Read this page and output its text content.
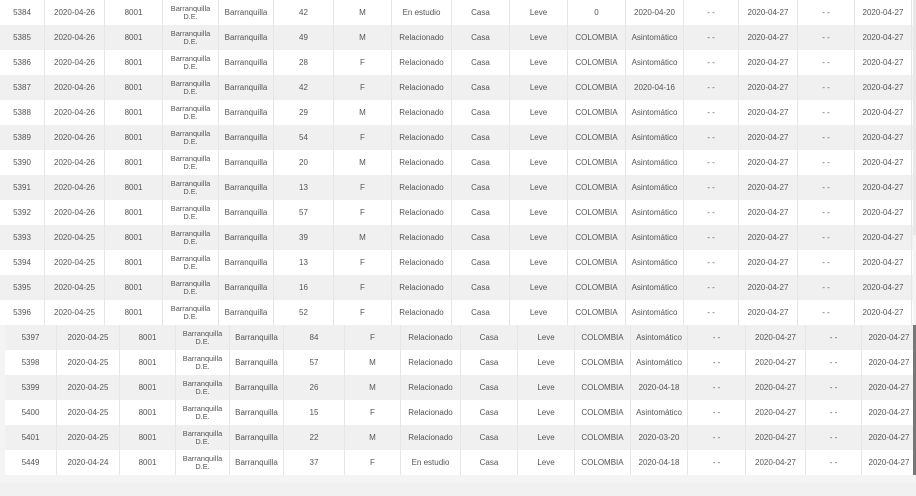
5384	2020-04-26	8001	Barranquilla D.E.	Barranquilla	42	M	En estudio	Casa	Leve	0	2020-04-20	- -	2020-04-27	- -	2020-04-27
5385	2020-04-26	8001	Barranquilla D.E.	Barranquilla	49	M	Relacionado	Casa	Leve	COLOMBIA	Asintomático	- -	2020-04-27	- -	2020-04-27
5386	2020-04-26	8001	Barranquilla D.E.	Barranquilla	28	F	Relacionado	Casa	Leve	COLOMBIA	Asintomático	- -	2020-04-27	- -	2020-04-27
5387	2020-04-26	8001	Barranquilla D.E.	Barranquilla	42	F	Relacionado	Casa	Leve	COLOMBIA	2020-04-16	- -	2020-04-27	- -	2020-04-27
5388	2020-04-26	8001	Barranquilla D.E.	Barranquilla	29	M	Relacionado	Casa	Leve	COLOMBIA	Asintomático	- -	2020-04-27	- -	2020-04-27
5389	2020-04-26	8001	Barranquilla D.E.	Barranquilla	54	F	Relacionado	Casa	Leve	COLOMBIA	Asintomático	- -	2020-04-27	- -	2020-04-27
5390	2020-04-26	8001	Barranquilla D.E.	Barranquilla	20	M	Relacionado	Casa	Leve	COLOMBIA	Asintomático	- -	2020-04-27	- -	2020-04-27
5391	2020-04-26	8001	Barranquilla D.E.	Barranquilla	13	F	Relacionado	Casa	Leve	COLOMBIA	Asintomático	- -	2020-04-27	- -	2020-04-27
5392	2020-04-26	8001	Barranquilla D.E.	Barranquilla	57	F	Relacionado	Casa	Leve	COLOMBIA	Asintomático	- -	2020-04-27	- -	2020-04-27
5393	2020-04-25	8001	Barranquilla D.E.	Barranquilla	39	M	Relacionado	Casa	Leve	COLOMBIA	Asintomático	- -	2020-04-27	- -	2020-04-27
5394	2020-04-25	8001	Barranquilla D.E.	Barranquilla	13	F	Relacionado	Casa	Leve	COLOMBIA	Asintomático	- -	2020-04-27	- -	2020-04-27
5395	2020-04-25	8001	Barranquilla D.E.	Barranquilla	16	F	Relacionado	Casa	Leve	COLOMBIA	Asintomático	- -	2020-04-27	- -	2020-04-27
5396	2020-04-25	8001	Barranquilla D.E.	Barranquilla	52	F	Relacionado	Casa	Leve	COLOMBIA	Asintomático	- -	2020-04-27	- -	2020-04-27
5397	2020-04-25	8001	Barranquilla D.E.	Barranquilla	84	F	Relacionado	Casa	Leve	COLOMBIA	Asintomático	- -	2020-04-27	- -	2020-04-27
5398	2020-04-25	8001	Barranquilla D.E.	Barranquilla	57	M	Relacionado	Casa	Leve	COLOMBIA	Asintomático	- -	2020-04-27	- -	2020-04-27
5399	2020-04-25	8001	Barranquilla D.E.	Barranquilla	26	M	Relacionado	Casa	Leve	COLOMBIA	2020-04-18	- -	2020-04-27	- -	2020-04-27
5400	2020-04-25	8001	Barranquilla D.E.	Barranquilla	15	F	Relacionado	Casa	Leve	COLOMBIA	Asintomático	- -	2020-04-27	- -	2020-04-27
5401	2020-04-25	8001	Barranquilla D.E.	Barranquilla	22	M	Relacionado	Casa	Leve	COLOMBIA	2020-03-20	- -	2020-04-27	- -	2020-04-27
5449	2020-04-24	8001	Barranquilla D.E.	Barranquilla	37	F	En estudio	Casa	Leve	COLOMBIA	2020-04-18	- -	2020-04-27	- -	2020-04-27
